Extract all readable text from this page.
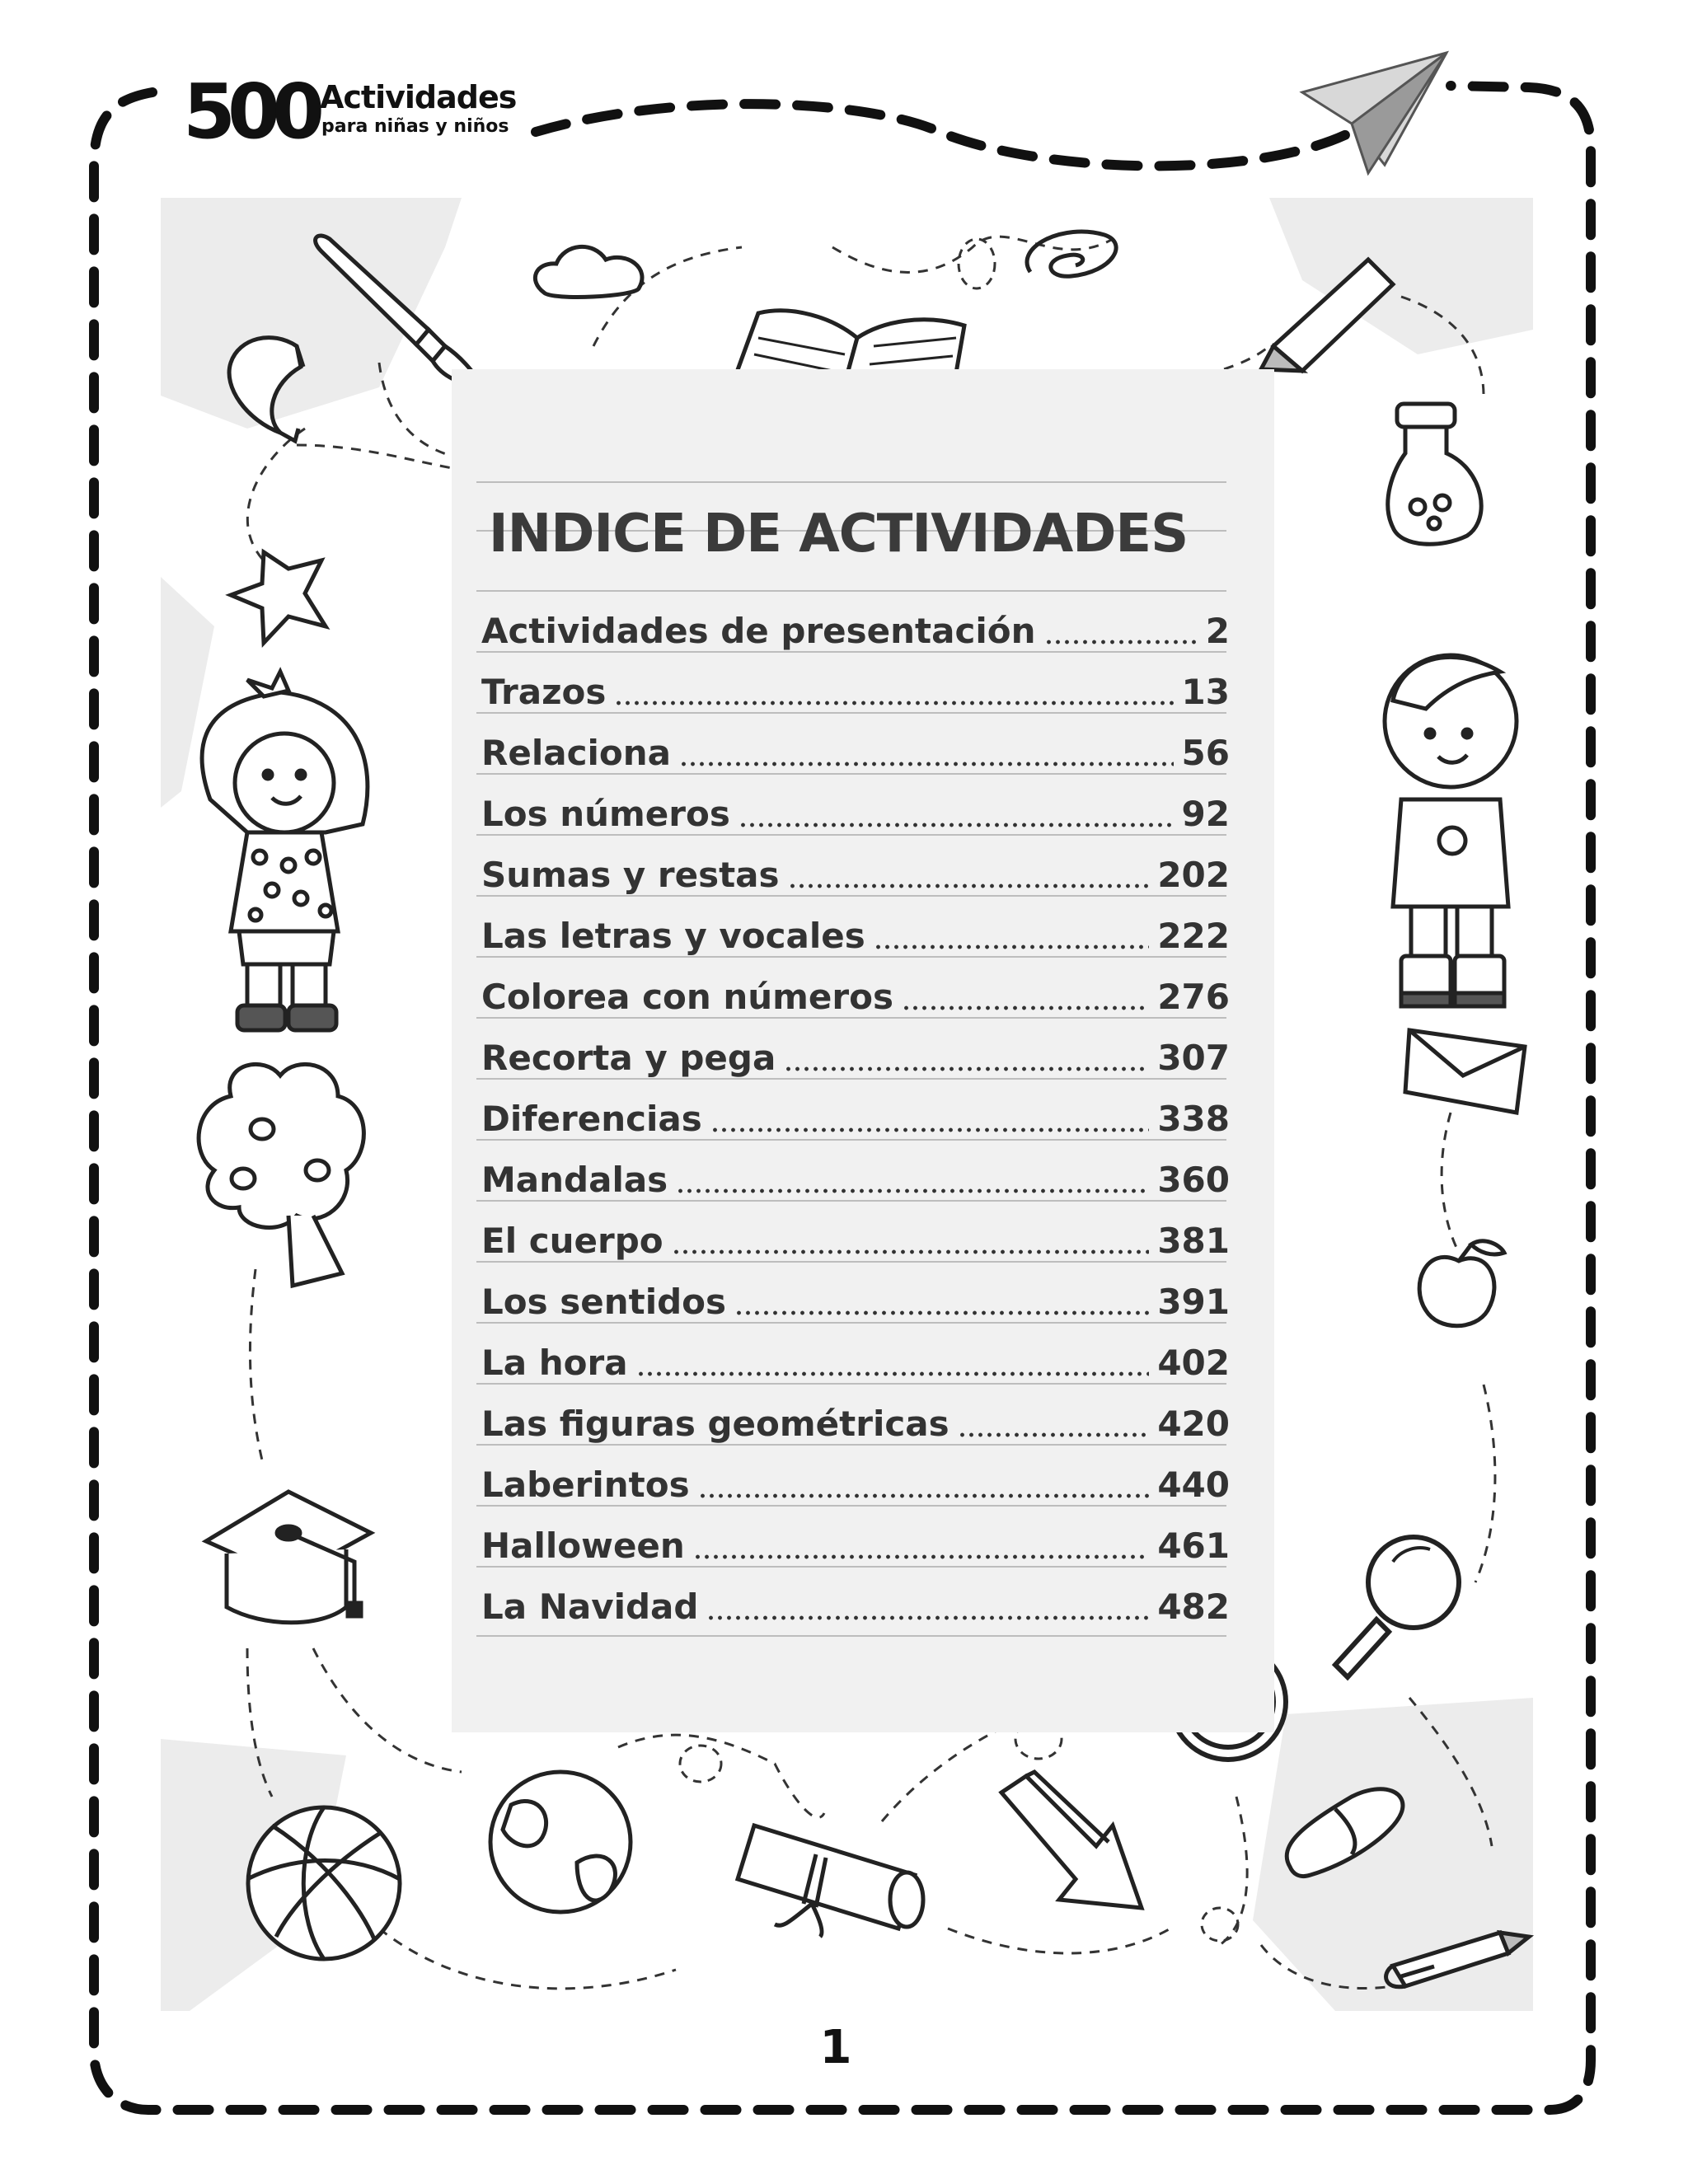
500 Actividades
para niñas y niños
INDICE DE ACTIVIDADES
Actividades de presentación	2
Trazos	13
Relaciona	56
Los números	92
Sumas y restas	202
Las letras y vocales	222
Colorea con números	276
Recorta y pega	307
Diferencias	338
Mandalas	360
El cuerpo	381
Los sentidos	391
La hora	402
Las figuras geométricas	420
Laberintos	440
Halloween	461
La Navidad	482
1
